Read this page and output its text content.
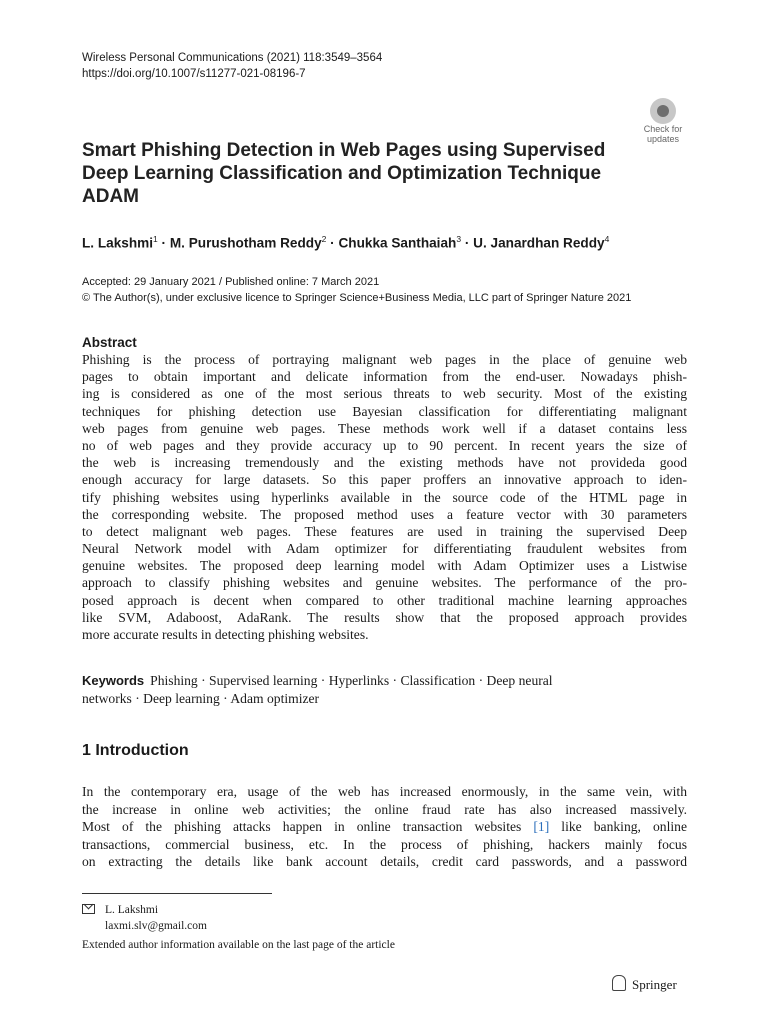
Wireless Personal Communications (2021) 118:3549–3564
https://doi.org/10.1007/s11277-021-08196-7
Check for
updates
Smart Phishing Detection in Web Pages using Supervised Deep Learning Classification and Optimization Technique ADAM
L. Lakshmi$^1$ · M. Purushotham Reddy$^2$ · Chukka Santhaiah$^3$ · U. Janardhan Reddy$^4$
Accepted: 29 January 2021 / Published online: 7 March 2021
© The Author(s), under exclusive licence to Springer Science+Business Media, LLC part of Springer Nature 2021
Abstract
Phishing is the process of portraying malignant web pages in the place of genuine web
pages to obtain important and delicate information from the end-user. Nowadays phish-
ing is considered as one of the most serious threats to web security. Most of the existing
techniques for phishing detection use Bayesian classification for differentiating malignant
web pages from genuine web pages. These methods work well if a dataset contains less
no of web pages and they provide accuracy up to 90 percent. In recent years the size of
the web is increasing tremendously and the existing methods have not provideda good
enough accuracy for large datasets. So this paper proffers an innovative approach to iden-
tify phishing websites using hyperlinks available in the source code of the HTML page in
the corresponding website. The proposed method uses a feature vector with 30 parameters
to detect malignant web pages. These features are used in training the supervised Deep
Neural Network model with Adam optimizer for differentiating fraudulent websites from
genuine websites. The proposed deep learning model with Adam Optimizer uses a Listwise
approach to classify phishing websites and genuine websites. The performance of the pro-
posed approach is decent when compared to other traditional machine learning approaches
like SVM, Adaboost, AdaRank. The results show that the proposed approach provides
more accurate results in detecting phishing websites.
Keywords Phishing · Supervised learning · Hyperlinks · Classification · Deep neural
networks · Deep learning · Adam optimizer
1 Introduction
In the contemporary era, usage of the web has increased enormously, in the same vein, with
the increase in online web activities; the online fraud rate has also increased massively.
Most of the phishing attacks happen in online transaction websites [1] like banking, online
transactions, commercial business, etc. In the process of phishing, hackers mainly focus
on extracting the details like bank account details, credit card passwords, and a password
L. Lakshmi
laxmi.slv@gmail.com
Extended author information available on the last page of the article
Springer
